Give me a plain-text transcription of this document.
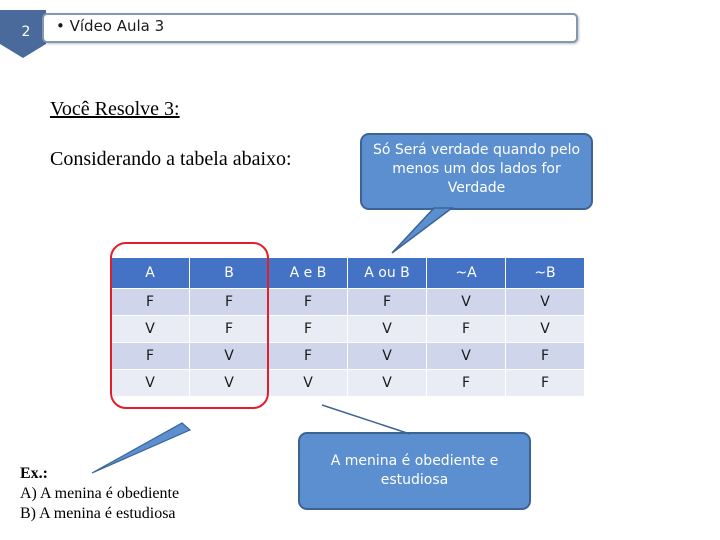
2	• Vídeo Aula 3
Você Resolve 3:
Considerando a tabela abaixo:	Só Será verdade quando pelo menos um dos lados for Verdade
A menina é obediente e estudiosa
A	B	A e B	A ou B	~A	~B
F	F	F	F	V	V
V	F	F	V	F	V
F	V	F	V	V	F
V	V	V	V	F	F
Ex.:
A) A menina é obediente
B) A menina é estudiosa
